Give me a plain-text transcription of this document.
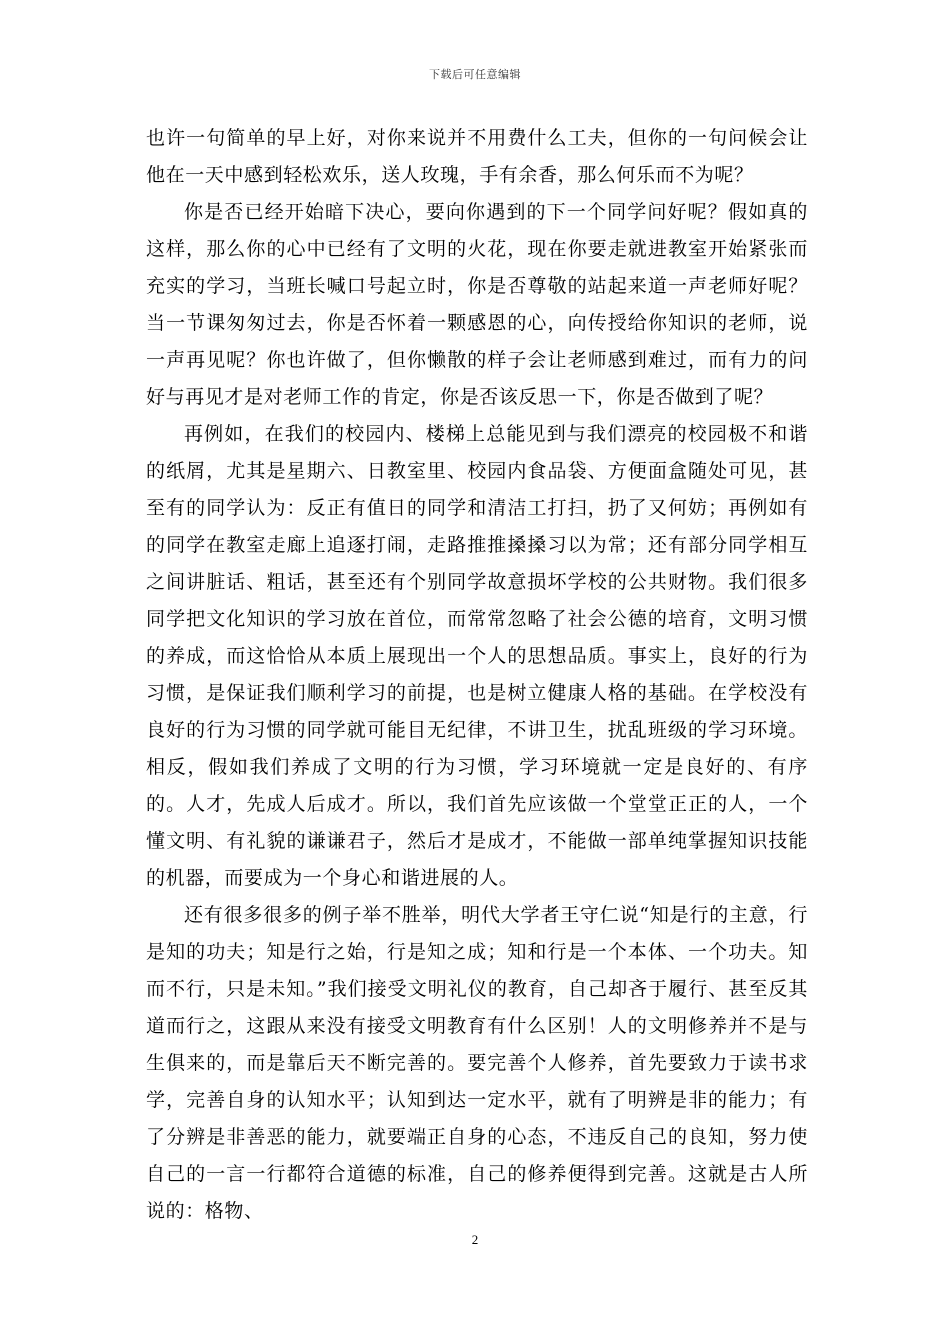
下载后可任意编辑

也许一句简单的早上好，对你来说并不用费什么工夫，但你的一句问候会让他在一天中感到轻松欢乐，送人玫瑰，手有余香，那么何乐而不为呢？

你是否已经开始暗下决心，要向你遇到的下一个同学问好呢？假如真的这样，那么你的心中已经有了文明的火花，现在你要走就进教室开始紧张而充实的学习，当班长喊口号起立时，你是否尊敬的站起来道一声老师好呢？当一节课匆匆过去，你是否怀着一颗感恩的心，向传授给你知识的老师，说一声再见呢？你也许做了，但你懒散的样子会让老师感到难过，而有力的问好与再见才是对老师工作的肯定，你是否该反思一下，你是否做到了呢？

再例如，在我们的校园内、楼梯上总能见到与我们漂亮的校园极不和谐的纸屑，尤其是星期六、日教室里、校园内食品袋、方便面盒随处可见，甚至有的同学认为：反正有值日的同学和清洁工打扫，扔了又何妨；再例如有的同学在教室走廊上追逐打闹，走路推推搡搡习以为常；还有部分同学相互之间讲脏话、粗话，甚至还有个别同学故意损坏学校的公共财物。我们很多同学把文化知识的学习放在首位，而常常忽略了社会公德的培育，文明习惯的养成，而这恰恰从本质上展现出一个人的思想品质。事实上，良好的行为习惯，是保证我们顺利学习的前提，也是树立健康人格的基础。在学校没有良好的行为习惯的同学就可能目无纪律，不讲卫生，扰乱班级的学习环境。相反，假如我们养成了文明的行为习惯，学习环境就一定是良好的、有序的。人才，先成人后成才。所以，我们首先应该做一个堂堂正正的人，一个懂文明、有礼貌的谦谦君子，然后才是成才，不能做一部单纯掌握知识技能的机器，而要成为一个身心和谐进展的人。

还有很多很多的例子举不胜举，明代大学者王守仁说“知是行的主意，行是知的功夫；知是行之始，行是知之成；知和行是一个本体、一个功夫。知而不行，只是未知。”我们接受文明礼仪的教育，自己却吝于履行、甚至反其道而行之，这跟从来没有接受文明教育有什么区别！人的文明修养并不是与生俱来的，而是靠后天不断完善的。要完善个人修养，首先要致力于读书求学，完善自身的认知水平；认知到达一定水平，就有了明辨是非的能力；有了分辨是非善恶的能力，就要端正自身的心态，不违反自己的良知，努力使自己的一言一行都符合道德的标准，自己的修养便得到完善。这就是古人所说的：格物、

2
